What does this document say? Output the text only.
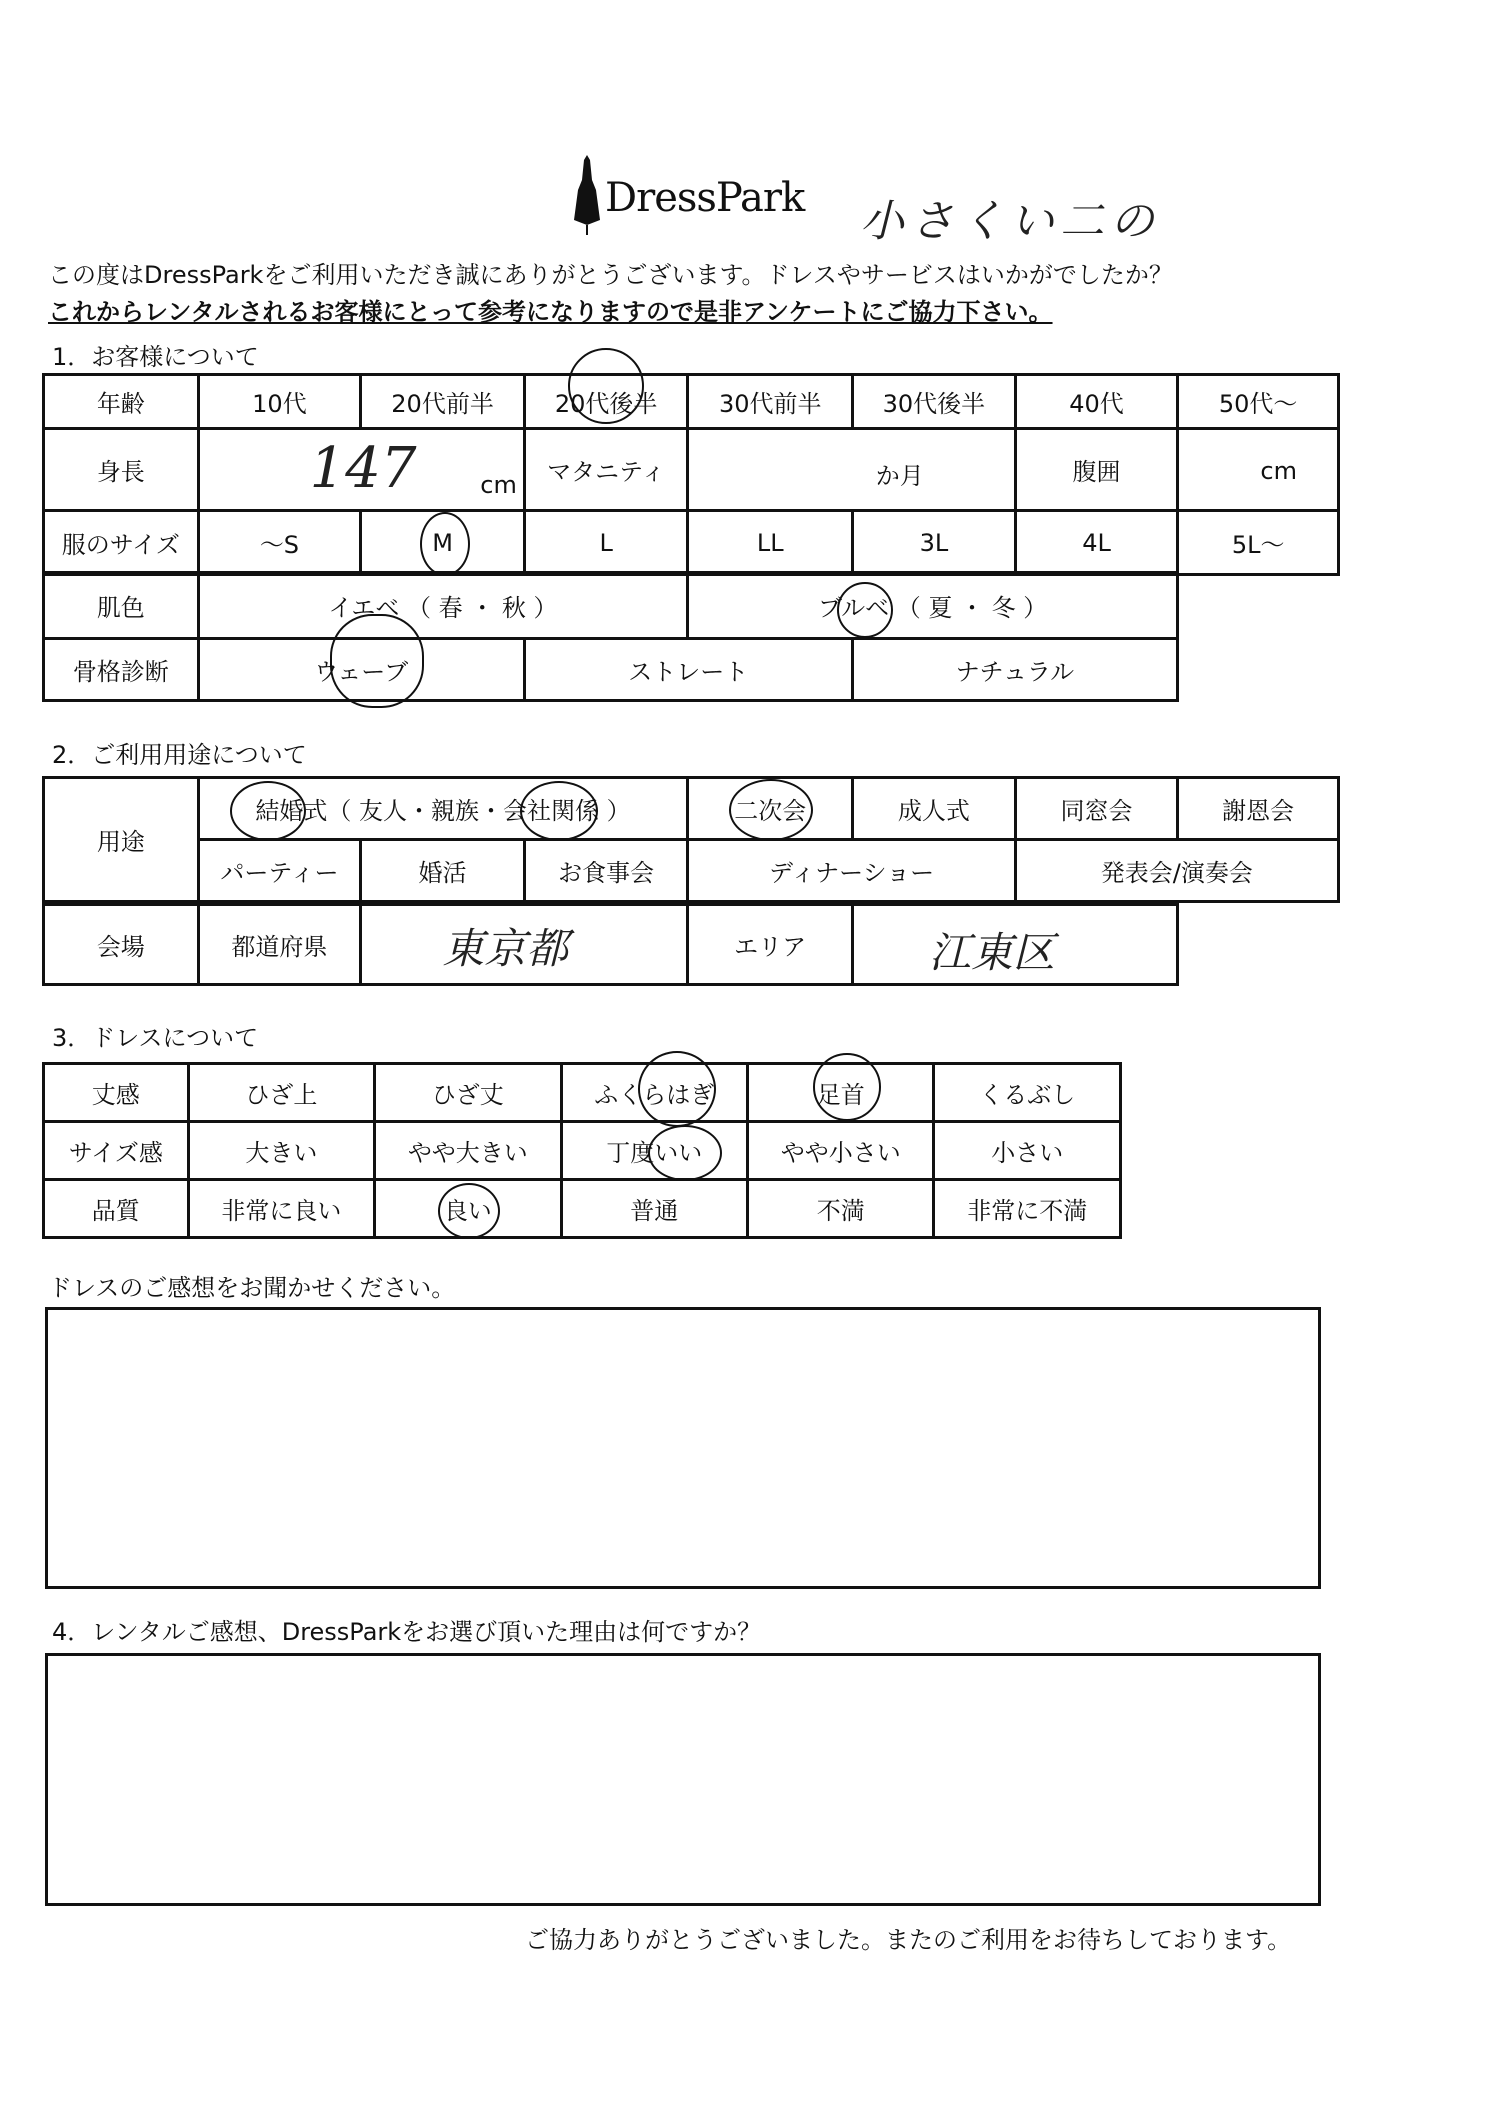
DressPark 小さくい二の
この度はDressParkをご利用いただき誠にありがとうございます。ドレスやサービスはいかがでしたか？
これからレンタルされるお客様にとって参考になりますので是非アンケートにご協力下さい。
1．お客様について
年齢	10代	20代前半	20代後半	30代前半	30代後半	40代	50代～
身長	147 cm		マタニティ	か月		腹囲	cm

服のサイズ	～S	M	L	LL	3L	4L	5L～
肌色	イエベ （ 春 ・ 秋 ）		ブルベ （ 夏 ・ 冬 ）	

骨格診断	ウェーブ	ストレート		ナチュラル
2．ご利用用途について
用途	結婚式（ 友人・親族・会社関係 ）			二次会	成人式	同窓会	謝恩会
	パーティー	婚活	お食事会	ディナーショー		発表会/演奏会	
会場	都道府県	東京都	エリア	江東区
3．ドレスについて
丈感	ひざ上	ひざ丈	ふくらはぎ	足首	くるぶし
サイズ感	大きい	やや大きい	丁度いい	やや小さい	小さい
品質	非常に良い	良い	普通	不満	非常に不満
ドレスのご感想をお聞かせください。
4．レンタルご感想、DressParkをお選び頂いた理由は何ですか？
ご協力ありがとうございました。またのご利用をお待ちしております。
